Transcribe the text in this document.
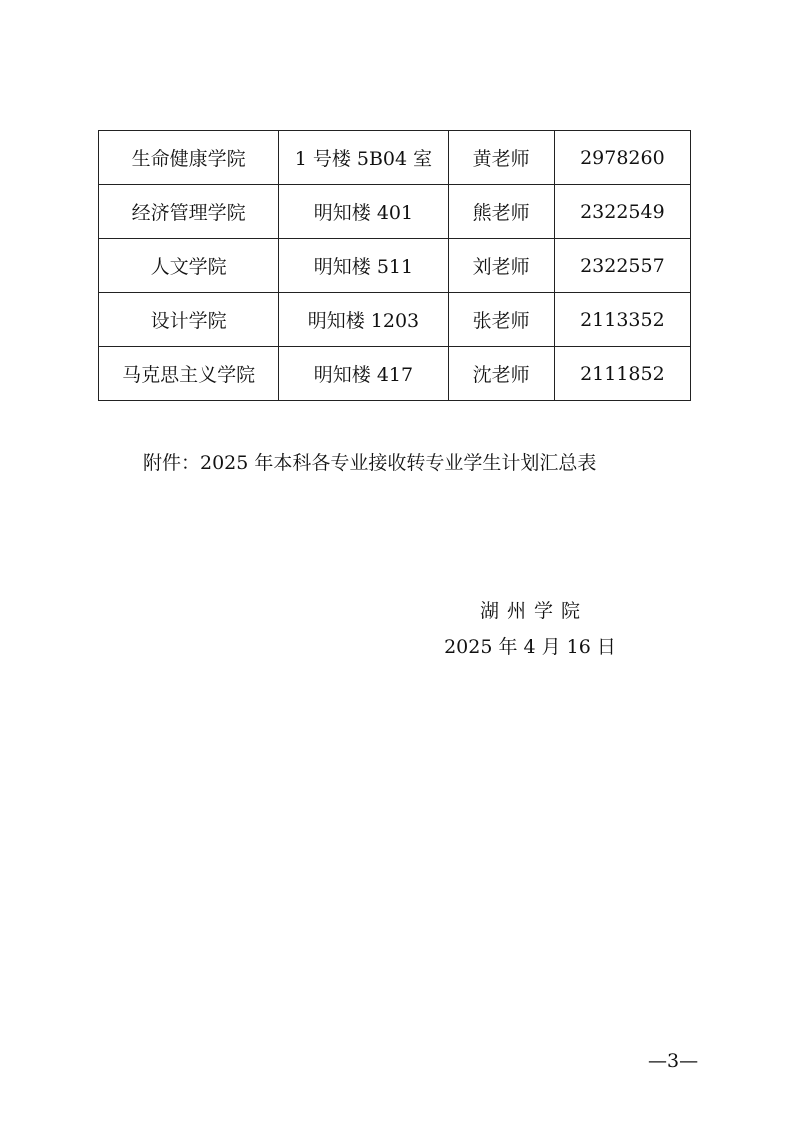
生命健康学院	1 号楼 5B04 室	黄老师	2978260
经济管理学院	明知楼 401	熊老师	2322549
人文学院	明知楼 511	刘老师	2322557
设计学院	明知楼 1203	张老师	2113352
马克思主义学院	明知楼 417	沈老师	2111852
附件：2025 年本科各专业接收转专业学生计划汇总表
湖州学院
2025 年 4 月 16 日
—3—
